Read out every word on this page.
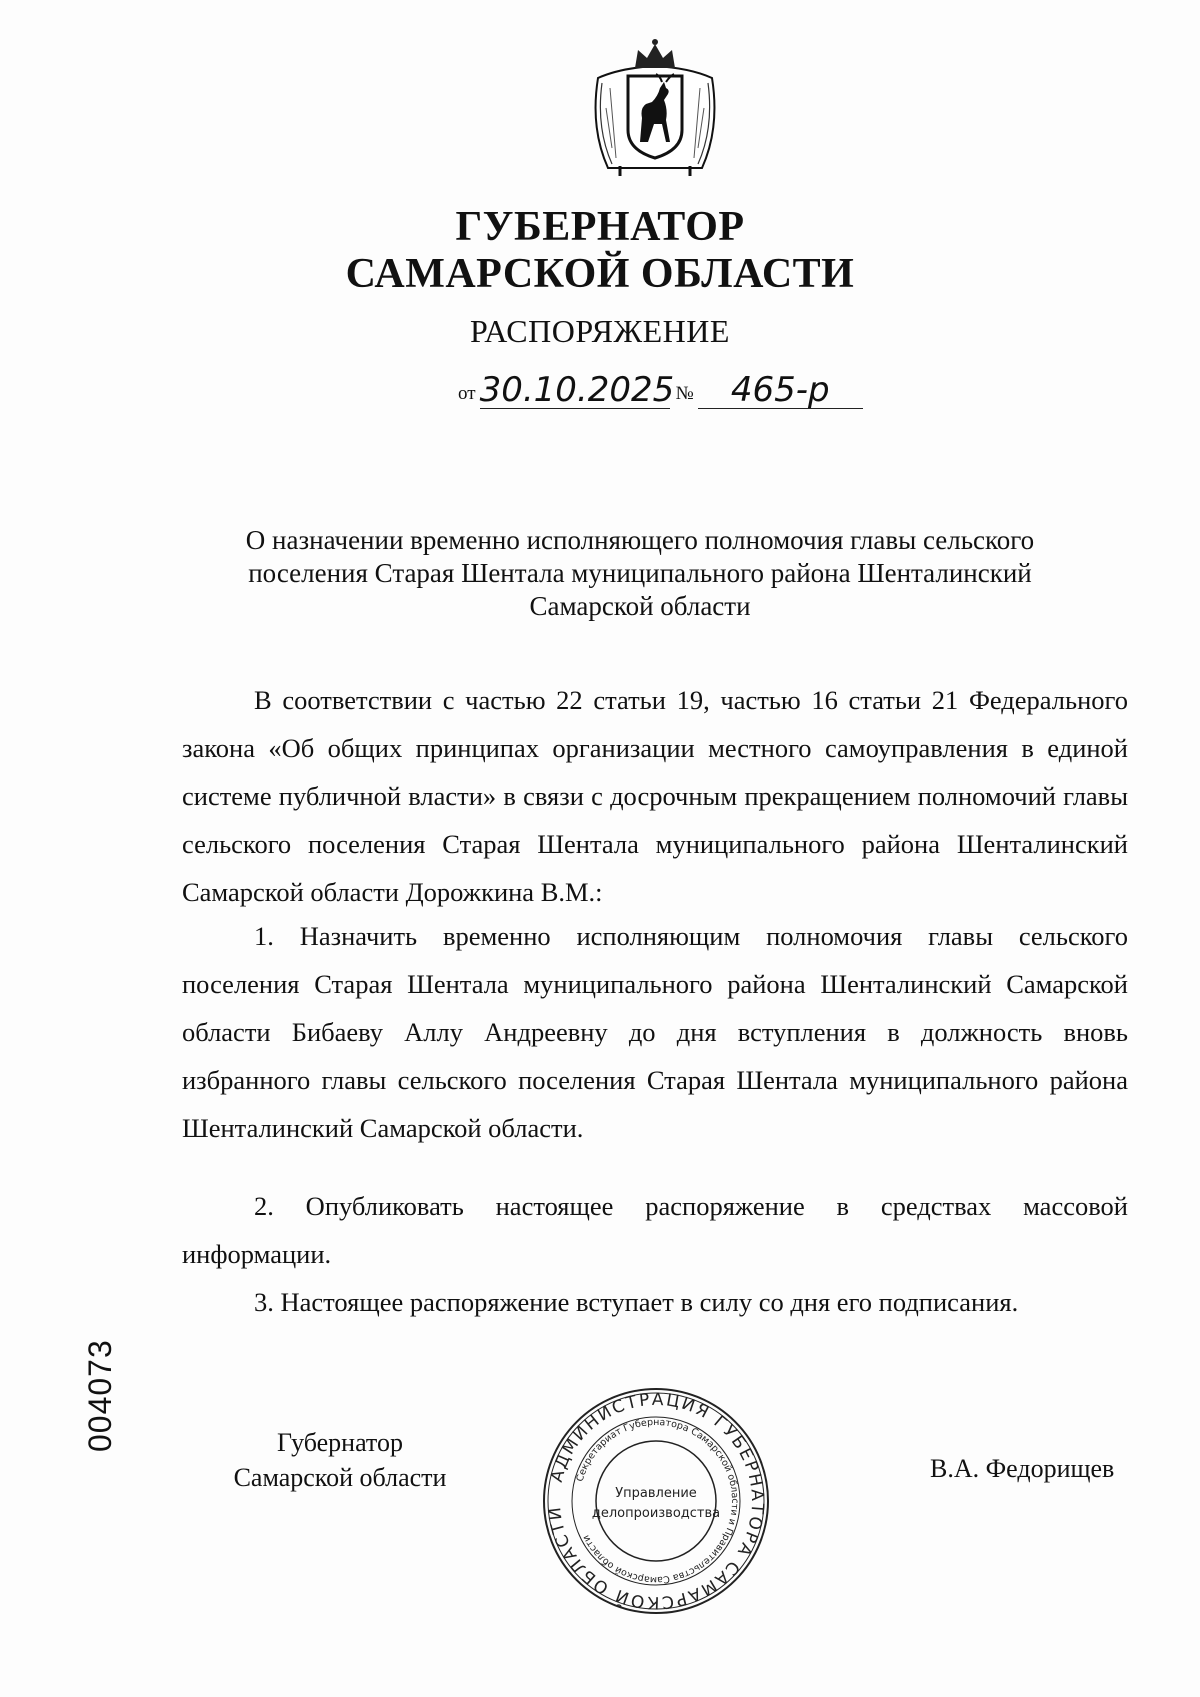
ГУБЕРНАТОР
САМАРСКОЙ ОБЛАСТИ
РАСПОРЯЖЕНИЕ
от 30.10.2025 №	465-р
О назначении временно исполняющего полномочия главы сельского поселения Старая Шентала муниципального района Шенталинский Самарской области
В соответствии с частью 22 статьи 19, частью 16 статьи 21 Федерального закона «Об общих принципах организации местного самоуправления в единой системе публичной власти» в связи с досрочным прекращением полномочий главы сельского поселения Старая Шентала муниципального района Шенталинский Самарской области Дорожкина В.М.:
1. Назначить временно исполняющим полномочия главы сельского поселения Старая Шентала муниципального района Шенталинский Самарской области Бибаеву Аллу Андреевну до дня вступления в должность вновь избранного главы сельского поселения Старая Шентала муниципального района Шенталинский Самарской области.
2. Опубликовать настоящее распоряжение в средствах массовой информации.
3. Настоящее распоряжение вступает в силу со дня его подписания.
Губернатор
Самарской области	АДМИНИСТРАЦИЯ ГУБЕРНАТОРА САМАРСКОЙ ОБЛАСТИ
Секретариат Губернатора Самарской области и Правительства Самарской области
Управление
делопроизводства
В.А. Федорищев
004073
